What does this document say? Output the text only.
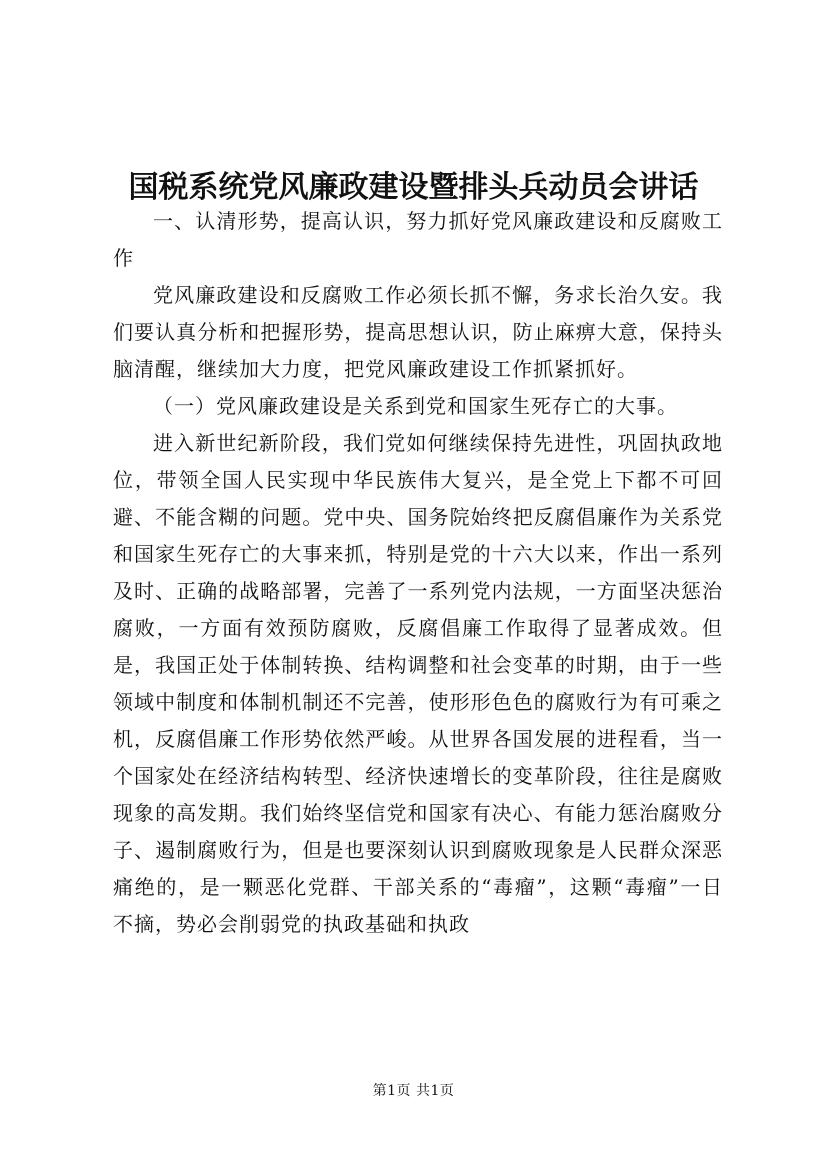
国税系统党风廉政建设暨排头兵动员会讲话

一、认清形势，提高认识，努力抓好党风廉政建设和反腐败工作

党风廉政建设和反腐败工作必须长抓不懈，务求长治久安。我们要认真分析和把握形势，提高思想认识，防止麻痹大意，保持头脑清醒，继续加大力度，把党风廉政建设工作抓紧抓好。

（一）党风廉政建设是关系到党和国家生死存亡的大事。

进入新世纪新阶段，我们党如何继续保持先进性，巩固执政地位，带领全国人民实现中华民族伟大复兴，是全党上下都不可回避、不能含糊的问题。党中央、国务院始终把反腐倡廉作为关系党和国家生死存亡的大事来抓，特别是党的十六大以来，作出一系列及时、正确的战略部署，完善了一系列党内法规，一方面坚决惩治腐败，一方面有效预防腐败，反腐倡廉工作取得了显著成效。但是，我国正处于体制转换、结构调整和社会变革的时期，由于一些领域中制度和体制机制还不完善，使形形色色的腐败行为有可乘之机，反腐倡廉工作形势依然严峻。从世界各国发展的进程看，当一个国家处在经济结构转型、经济快速增长的变革阶段，往往是腐败现象的高发期。我们始终坚信党和国家有决心、有能力惩治腐败分子、遏制腐败行为，但是也要深刻认识到腐败现象是人民群众深恶痛绝的，是一颗恶化党群、干部关系的“毒瘤”，这颗“毒瘤”一日不摘，势必会削弱党的执政基础和执政

第1页 共1页
